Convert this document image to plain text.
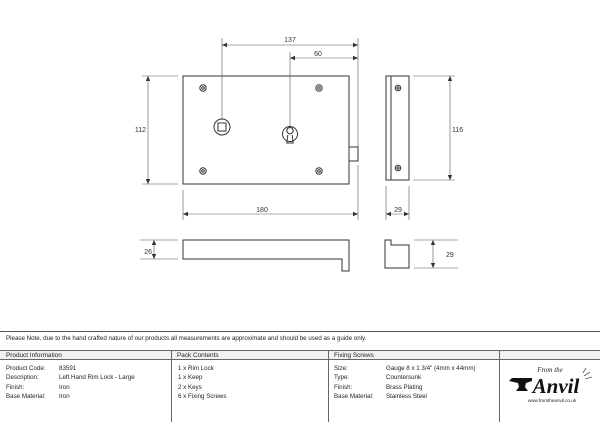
137
60
112	116
180	29
26	29
Please Note, due to the hand crafted nature of our products all measurements are approximate and should be used as a guide only.
Product Information	Pack Contents	Fixing Screws
Product Code: 83591
Description:	Left Hand Rim Lock - Large
Finish:	Iron
Base Material: Iron
1 x Rim Lock
1 x Keep
2 x Keys
6 x Fixing Screws
Size:	Gauge 8 x 1 3/4" (4mm x 44mm)
Type:	Countersunk
Finish:	Brass Plating
Base Material: Stainless Steel
From the
Anvil
www.fromtheanvil.co.uk
